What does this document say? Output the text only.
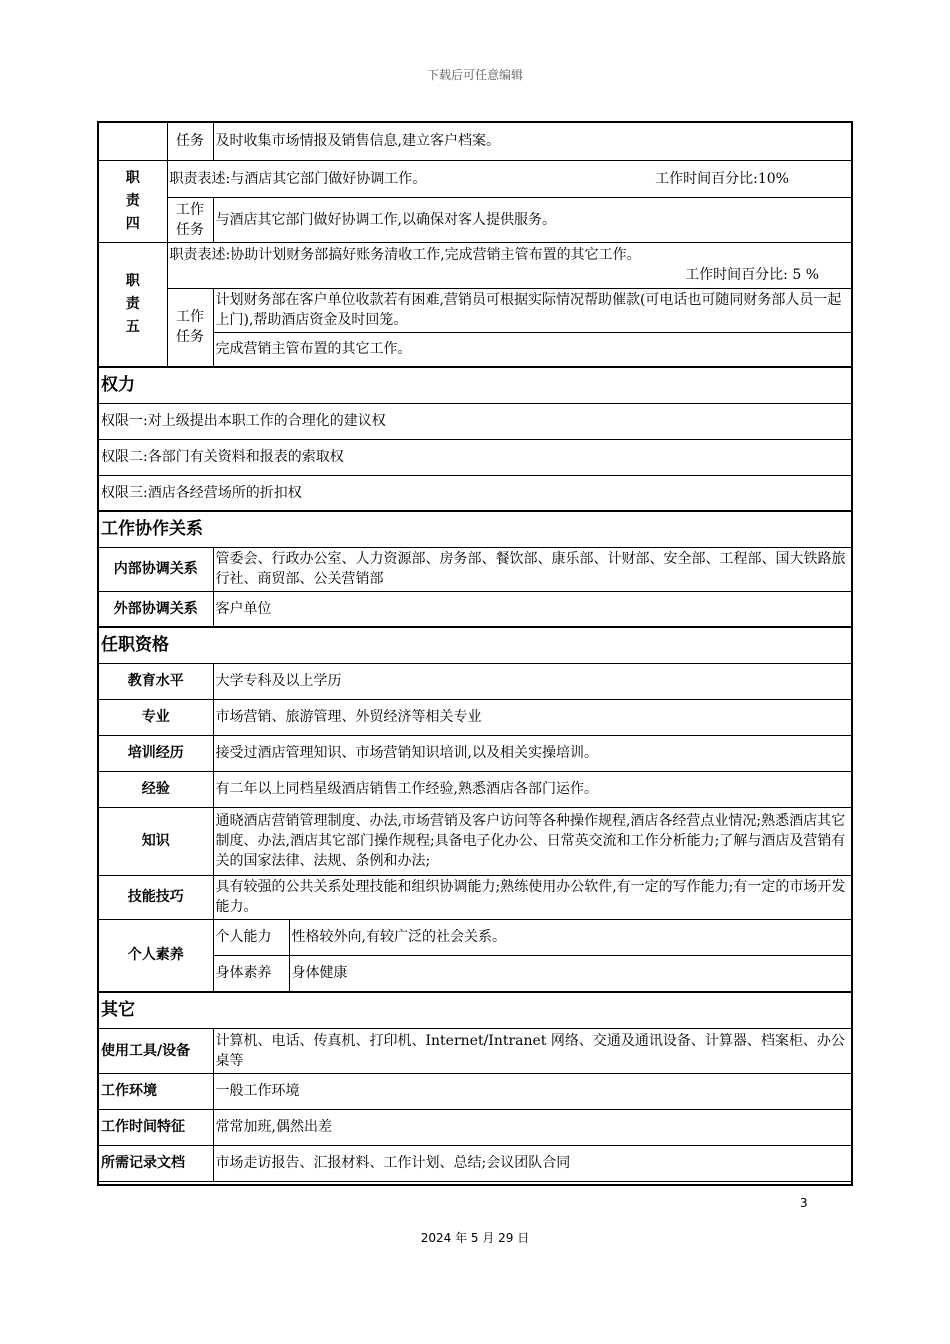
下载后可任意编辑
	任务	及时收集市场情报及销售信息,建立客户档案。	

职责四	职责表述:与酒店其它部门做好协调工作。 工作时间百分比:10%		

	工作任务	与酒店其它部门做好协调工作,以确保对客人提供服务。	

职责五	职责表述:协助计划财务部搞好账务清收工作,完成营销主管布置的其它工作。
工作时间百分比: 5 %		

	工作任务	计划财务部在客户单位收款若有困难,营销员可根据实际情况帮助催款(可电话也可随同财务部人员一起上门),帮助酒店资金及时回笼。	
		完成营销主管布置的其它工作。	
权力			
权限一:对上级提出本职工作的合理化的建议权			
权限二:各部门有关资料和报表的索取权			
权限三:酒店各经营场所的折扣权			
工作协作关系			
内部协调关系		管委会、行政办公室、人力资源部、房务部、餐饮部、康乐部、计财部、安全部、工程部、国大铁路旅行社、商贸部、公关营销部	
外部协调关系		客户单位	
任职资格			
教育水平		大学专科及以上学历	
专业		市场营销、旅游管理、外贸经济等相关专业	
培训经历		接受过酒店管理知识、市场营销知识培训,以及相关实操培训。	
经验		有二年以上同档星级酒店销售工作经验,熟悉酒店各部门运作。	
知识		通晓酒店营销管理制度、办法,市场营销及客户访问等各种操作规程,酒店各经营点业情况;熟悉酒店其它制度、办法,酒店其它部门操作规程;具备电子化办公、日常英交流和工作分析能力;了解与酒店及营销有关的国家法律、法规、条例和办法;	
技能技巧		具有较强的公共关系处理技能和组织协调能力;熟练使用办公软件,有一定的写作能力;有一定的市场开发能力。	
个人素养		个人能力	性格较外向,有较广泛的社会关系。
		身体素养	身体健康
其它			
使用工具/设备		计算机、电话、传真机、打印机、Internet/Intranet 网络、交通及通讯设备、计算器、档案柜、办公桌等	
工作环境		一般工作环境	
工作时间特征		常常加班,偶然出差	
所需记录文档		市场走访报告、汇报材料、工作计划、总结;会议团队合同	
3
2024 年 5 月 29 日
